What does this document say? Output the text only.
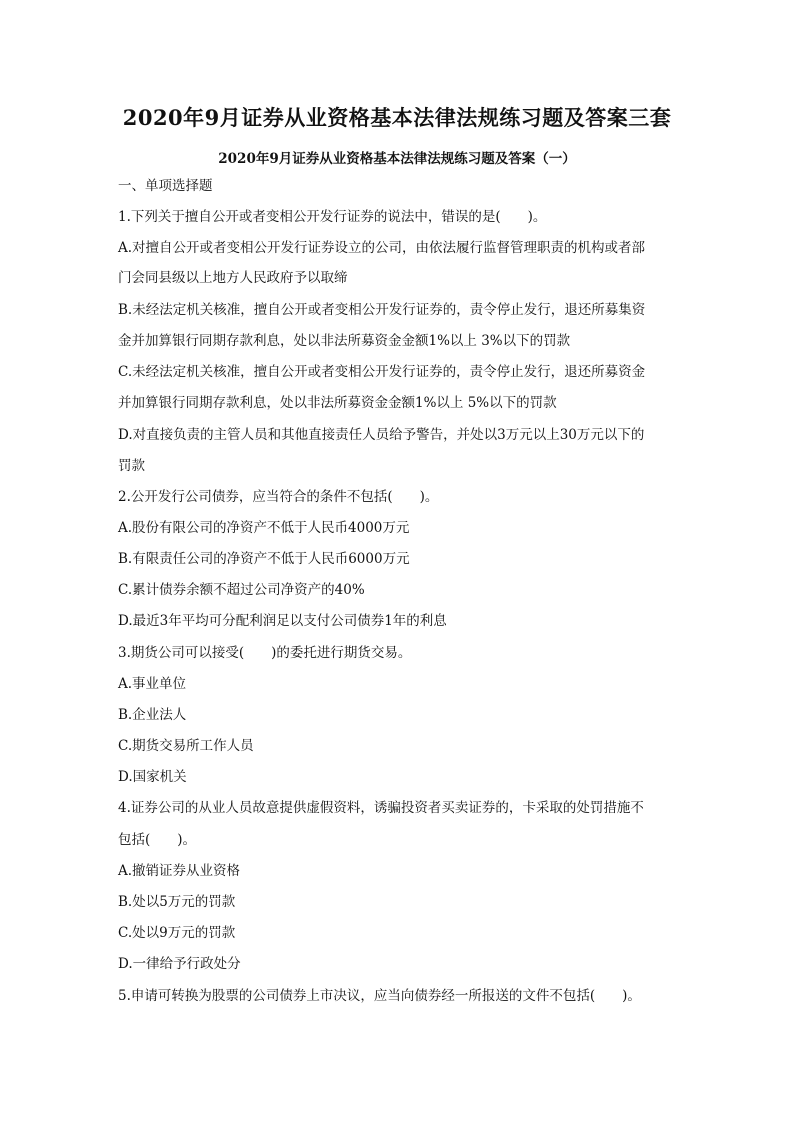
2020年9月证券从业资格基本法律法规练习题及答案三套
2020年9月证券从业资格基本法律法规练习题及答案（一）
一、单项选择题
1.下列关于擅自公开或者变相公开发行证券的说法中，错误的是(　　)。
A.对擅自公开或者变相公开发行证券设立的公司，由依法履行监督管理职责的机构或者部
门会同县级以上地方人民政府予以取缔
B.未经法定机关核准，擅自公开或者变相公开发行证券的，责令停止发行，退还所募集资
金并加算银行同期存款利息，处以非法所募资金金额1%以上 3%以下的罚款
C.未经法定机关核准，擅自公开或者变相公开发行证券的，责令停止发行，退还所募资金
并加算银行同期存款利息，处以非法所募资金金额1%以上 5%以下的罚款
D.对直接负责的主管人员和其他直接责任人员给予警告，并处以3万元以上30万元以下的
罚款
2.公开发行公司债券，应当符合的条件不包括(　　)。
A.股份有限公司的净资产不低于人民币4000万元
B.有限责任公司的净资产不低于人民币6000万元
C.累计债券余额不超过公司净资产的40%
D.最近3年平均可分配利润足以支付公司债券1年的利息
3.期货公司可以接受(　　)的委托进行期货交易。
A.事业单位
B.企业法人
C.期货交易所工作人员
D.国家机关
4.证券公司的从业人员故意提供虚假资料，诱骗投资者买卖证券的，卡采取的处罚措施不
包括(　　)。
A.撤销证券从业资格
B.处以5万元的罚款
C.处以9万元的罚款
D.一律给予行政处分
5.申请可转换为股票的公司债券上市决议，应当向债券经一所报送的文件不包括(　　)。
